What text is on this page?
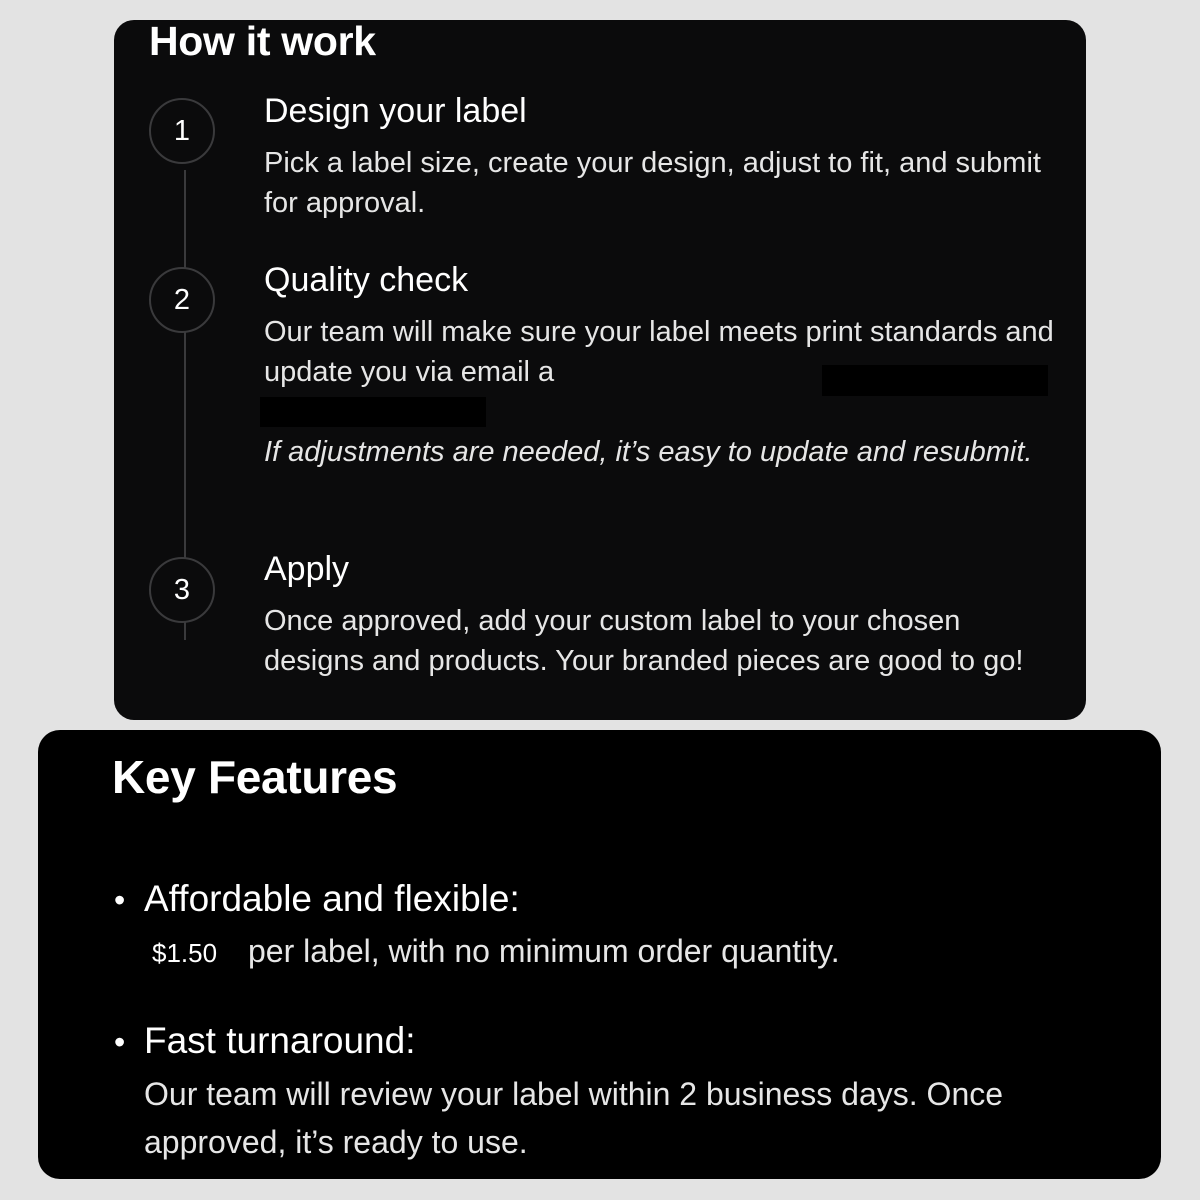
How it work
1
Design your label

Pick a label size, create your design, adjust to fit, and submit for approval.

2
Quality check

Our team will make sure your label meets print standards and update you via email a

If adjustments are needed, it’s easy to update and resubmit.

3
Apply

Once approved, add your custom label to your chosen designs and products. Your branded pieces are good to go!

Key Features
• Affordable and flexible:
$1.50 per label, with no minimum order quantity.

• Fast turnaround:

Our team will review your label within 2 business days. Once approved, it’s ready to use.
